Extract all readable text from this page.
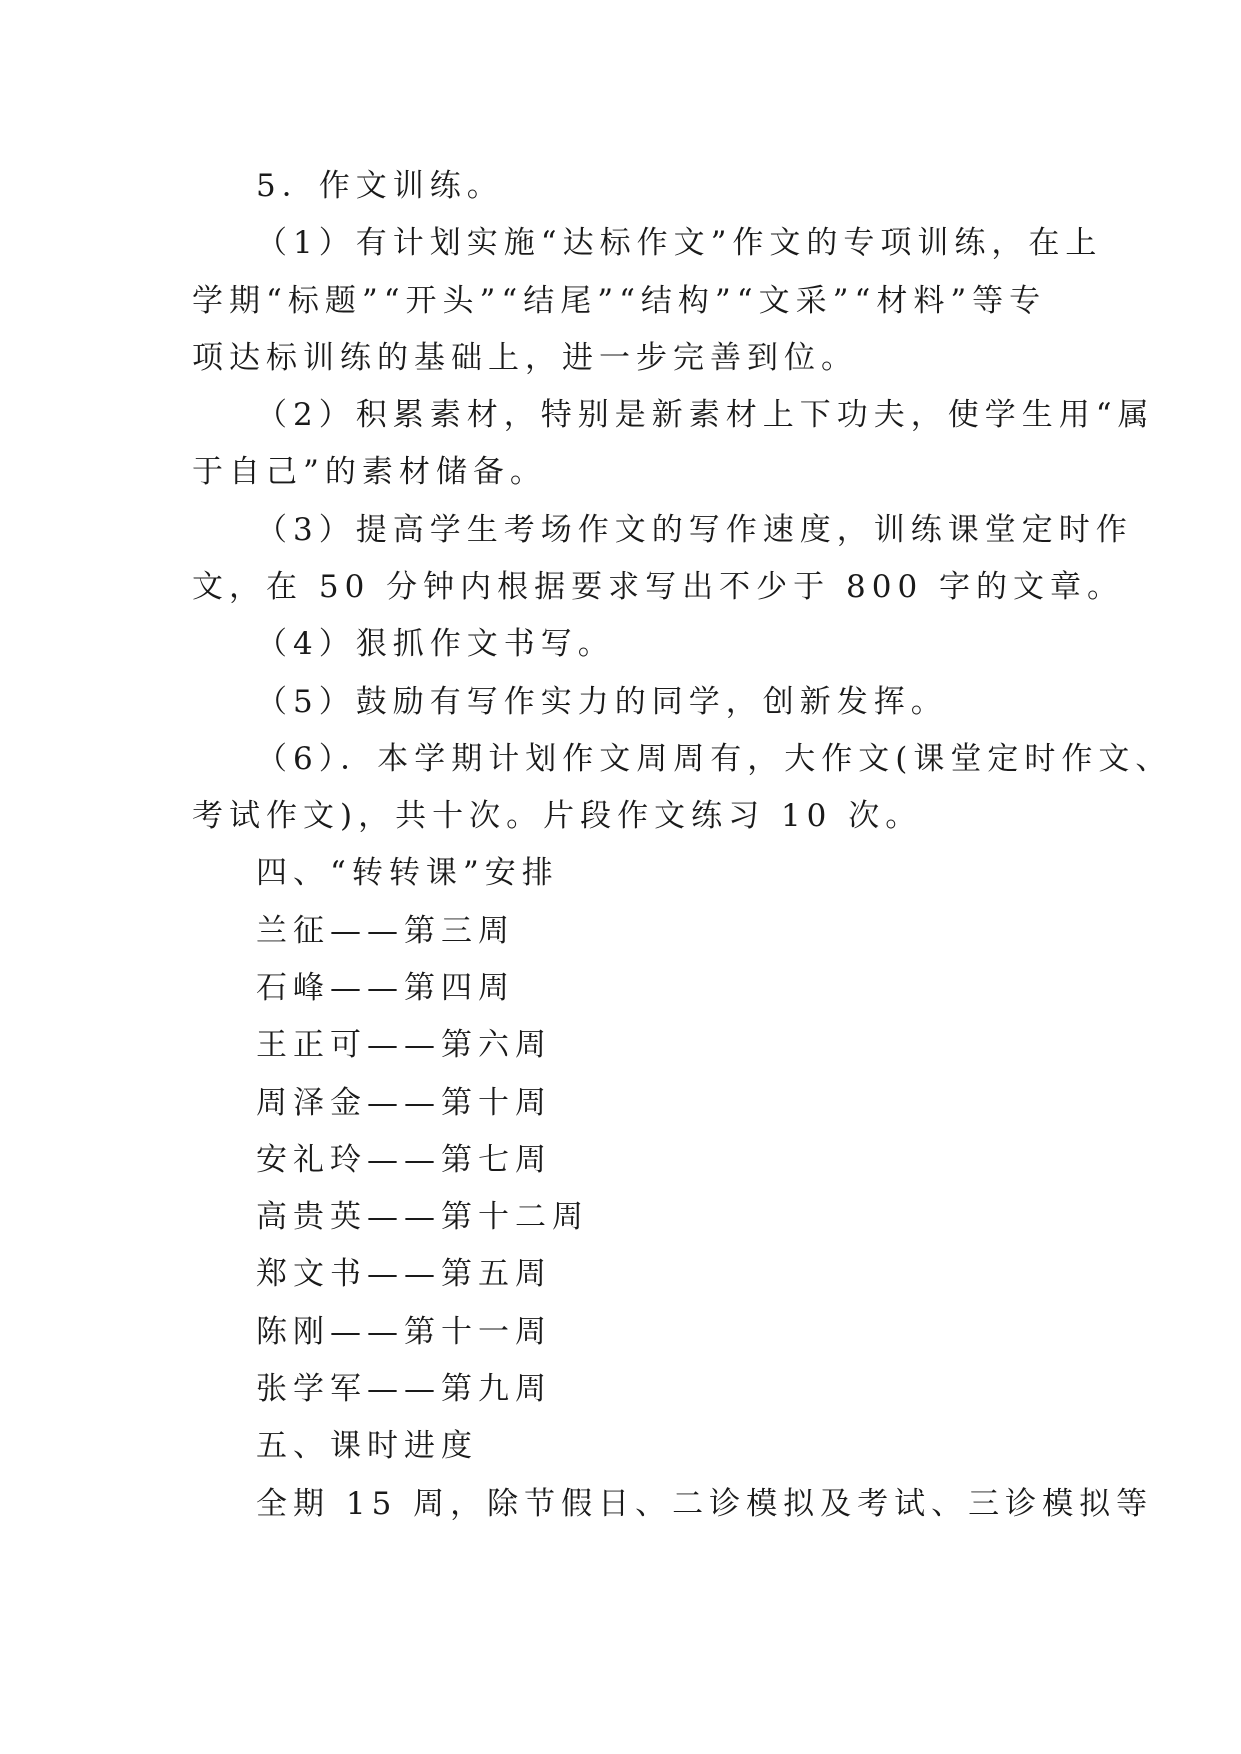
5．作文训练。
（1）有计划实施“达标作文”作文的专项训练，在上
学期“标题”“开头”“结尾”“结构”“文采”“材料”等专
项达标训练的基础上，进一步完善到位。
（2）积累素材，特别是新素材上下功夫，使学生用“属
于自己”的素材储备。
（3）提高学生考场作文的写作速度，训练课堂定时作
文，在 50 分钟内根据要求写出不少于 800 字的文章。
（4）狠抓作文书写。
（5）鼓励有写作实力的同学，创新发挥。
（6）．本学期计划作文周周有，大作文(课堂定时作文、
考试作文)，共十次。片段作文练习 10 次。
四、“转转课”安排
兰征——第三周
石峰——第四周
王正可——第六周
周泽金——第十周
安礼玲——第七周
高贵英——第十二周
郑文书——第五周
陈刚——第十一周
张学军——第九周
五、课时进度
全期 15 周，除节假日、二诊模拟及考试、三诊模拟等
